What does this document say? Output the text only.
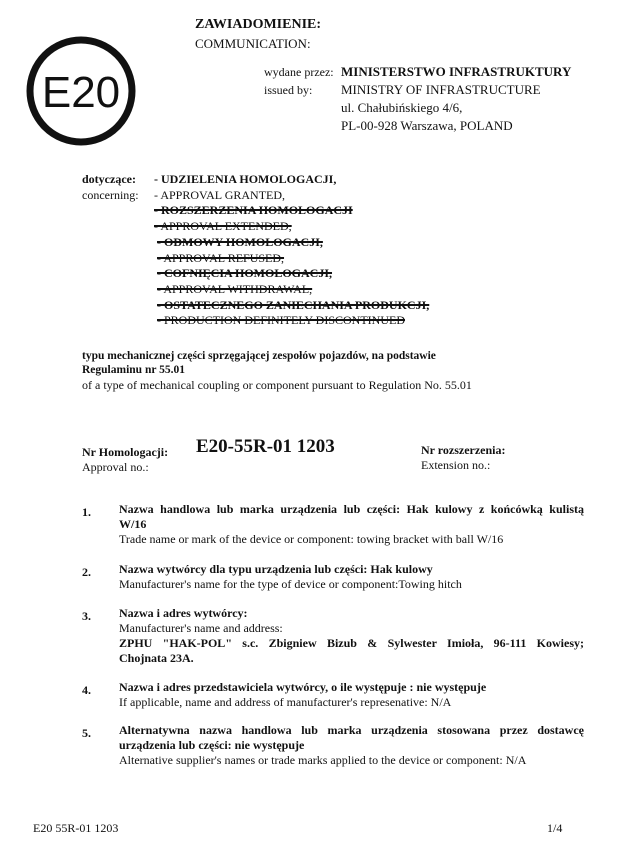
E20
ZAWIADOMIENIE:
COMMUNICATION:
wydane przez: MINISTERSTWO INFRASTRUKTURY
issued by: MINISTRY OF INFRASTRUCTURE
ul. Chałubińskiego 4/6,
PL-00-928 Warszawa, POLAND
dotyczące:
concerning:
- UDZIELENIA HOMOLOGACJI,
- APPROVAL GRANTED,
- ROZSZERZENIA HOMOLOGACJI
- APPROVAL EXTENDED,
- ODMOWY HOMOLOGACJI,
- APPROVAL REFUSED,
- COFNIĘCIA HOMOLOGACJI,
- APPROVAL WITHDRAWAL,
- OSTATECZNEGO ZANIECHANIA PRODUKCJI,
- PRODUCTION DEFINITELY DISCONTINUED
typu mechanicznej części sprzęgającej zespołów pojazdów, na podstawie
Regulaminu nr 55.01
of a type of mechanical coupling or component pursuant to Regulation No. 55.01
Nr Homologacji:
Approval no.:
E20-55R-01 1203	Nr rozszerzenia:
Extension no.:
1. Nazwa handlowa lub marka urządzenia lub części: Hak kulowy z końcówką kulistą
W/16
Trade name or mark of the device or component: towing bracket with ball W/16
2. Nazwa wytwórcy dla typu urządzenia lub części: Hak kulowy
Manufacturer's name for the type of device or component:Towing hitch
3. Nazwa i adres wytwórcy:
Manufacturer's name and address:
ZPHU "HAK-POL" s.c. Zbigniew Bizub & Sylwester Imioła, 96-111 Kowiesy;
Chojnata 23A.
4. Nazwa i adres przedstawiciela wytwórcy, o ile występuje : nie występuje
If applicable, name and address of manufacturer's represenative: N/A
5. Alternatywna nazwa handlowa lub marka urządzenia stosowana przez dostawcę
urządzenia lub części: nie występuje
Alternative supplier's names or trade marks applied to the device or component: N/A
E20 55R-01 1203	1/4
